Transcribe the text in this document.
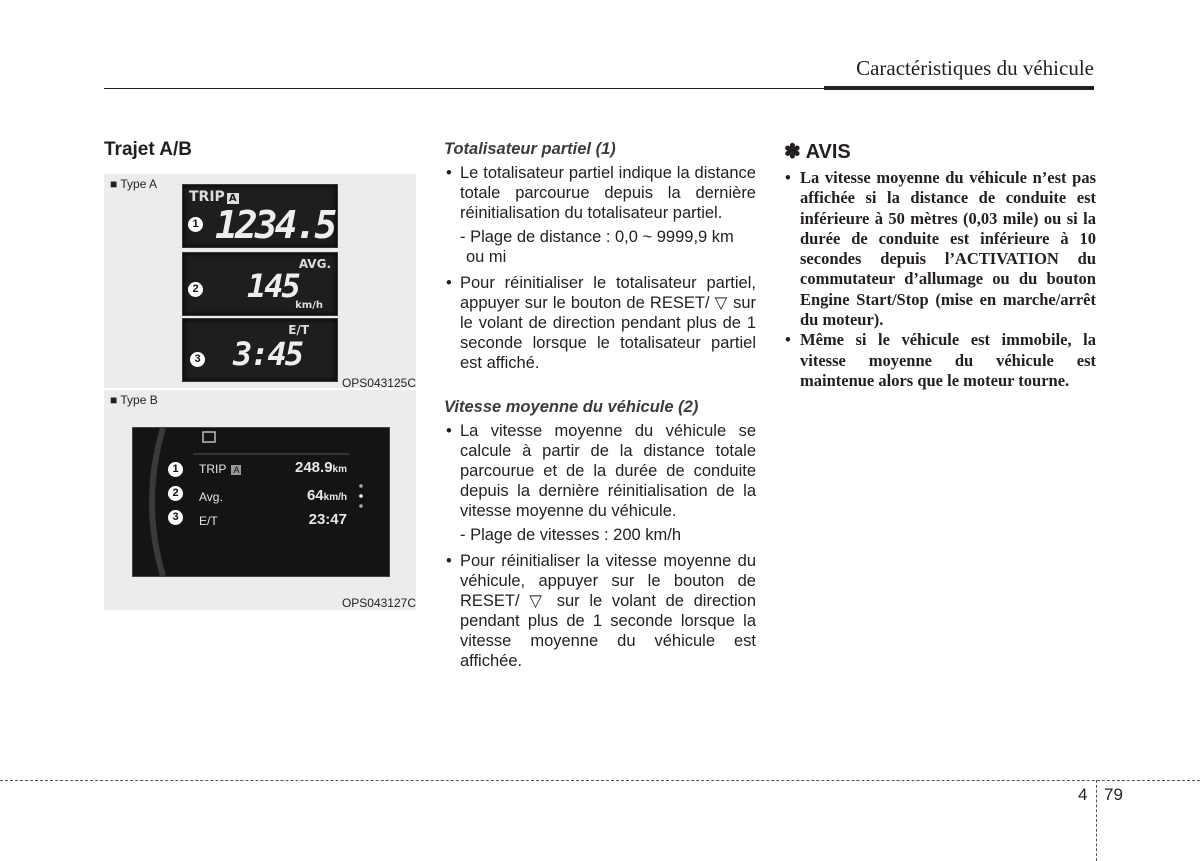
Caractéristiques du véhicule
Trajet A/B
■ Type A
TRIP A
1234.5
1
AVG.
145
km/h
2
E/T
3:45
3
OPS043125C
■ Type B
TRIP A	248.9km
Avg.	64km/h
E/T	23:47
1
2
3
OPS043127C
Totalisateur partiel (1)
• Le totalisateur partiel indique la distance totale parcourue depuis la dernière réinitialisation du totalisateur partiel.
- Plage de distance : 0,0 ~ 9999,9 km ou mi
• Pour réinitialiser le totalisateur partiel, appuyer sur le bouton de RESET/ ▽ sur le volant de direction pendant plus de 1 seconde lorsque le totalisateur partiel est affiché.
Vitesse moyenne du véhicule (2)
• La vitesse moyenne du véhicule se calcule à partir de la distance totale parcourue et de la durée de conduite depuis la dernière réinitialisation de la vitesse moyenne du véhicule.
- Plage de vitesses : 200 km/h
• Pour réinitialiser la vitesse moyenne du véhicule, appuyer sur le bouton de RESET/ ▽ sur le volant de direction pendant plus de 1 seconde lorsque la vitesse moyenne du véhicule est affichée.
✽ AVIS
• La vitesse moyenne du véhicule n’est pas affichée si la distance de conduite est inférieure à 50 mètres (0,03 mile) ou si la durée de conduite est inférieure à 10 secondes depuis l’ACTIVATION du commutateur d’allumage ou du bouton Engine Start/Stop (mise en marche/arrêt du moteur).
• Même si le véhicule est immobile, la vitesse moyenne du véhicule est maintenue alors que le moteur tourne.
4 79
